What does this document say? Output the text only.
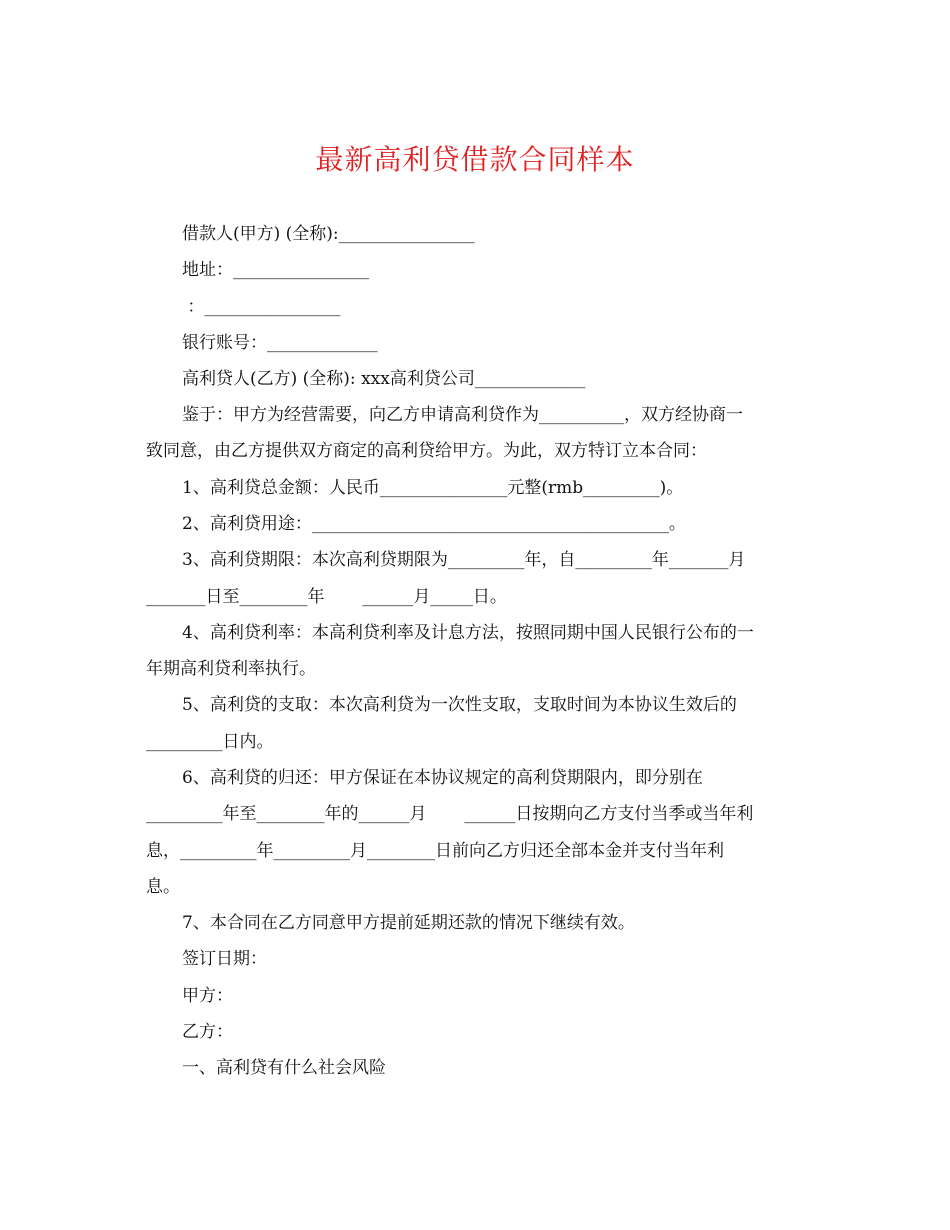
最新高利贷借款合同样本
借款人(甲方) (全称):________________
地址：________________
：________________
银行账号：_____________
高利贷人(乙方) (全称): xxx高利贷公司_____________
鉴于：甲方为经营需要，向乙方申请高利贷作为__________，双方经协商一
致同意，由乙方提供双方商定的高利贷给甲方。为此，双方特订立本合同：
1、高利贷总金额：人民币_______________元整(rmb_________)。
2、高利贷用途：__________________________________________。
3、高利贷期限：本次高利贷期限为_________年，自_________年_______月
_______日至________年       ______月_____日。
4、高利贷利率：本高利贷利率及计息方法，按照同期中国人民银行公布的一
年期高利贷利率执行。
5、高利贷的支取：本次高利贷为一次性支取，支取时间为本协议生效后的
_________日内。
6、高利贷的归还：甲方保证在本协议规定的高利贷期限内，即分别在
_________年至________年的______月       ______日按期向乙方支付当季或当年利
息，_________年_________月________日前向乙方归还全部本金并支付当年利
息。
7、本合同在乙方同意甲方提前延期还款的情况下继续有效。
签订日期：
甲方：
乙方：
一、高利贷有什么社会风险
